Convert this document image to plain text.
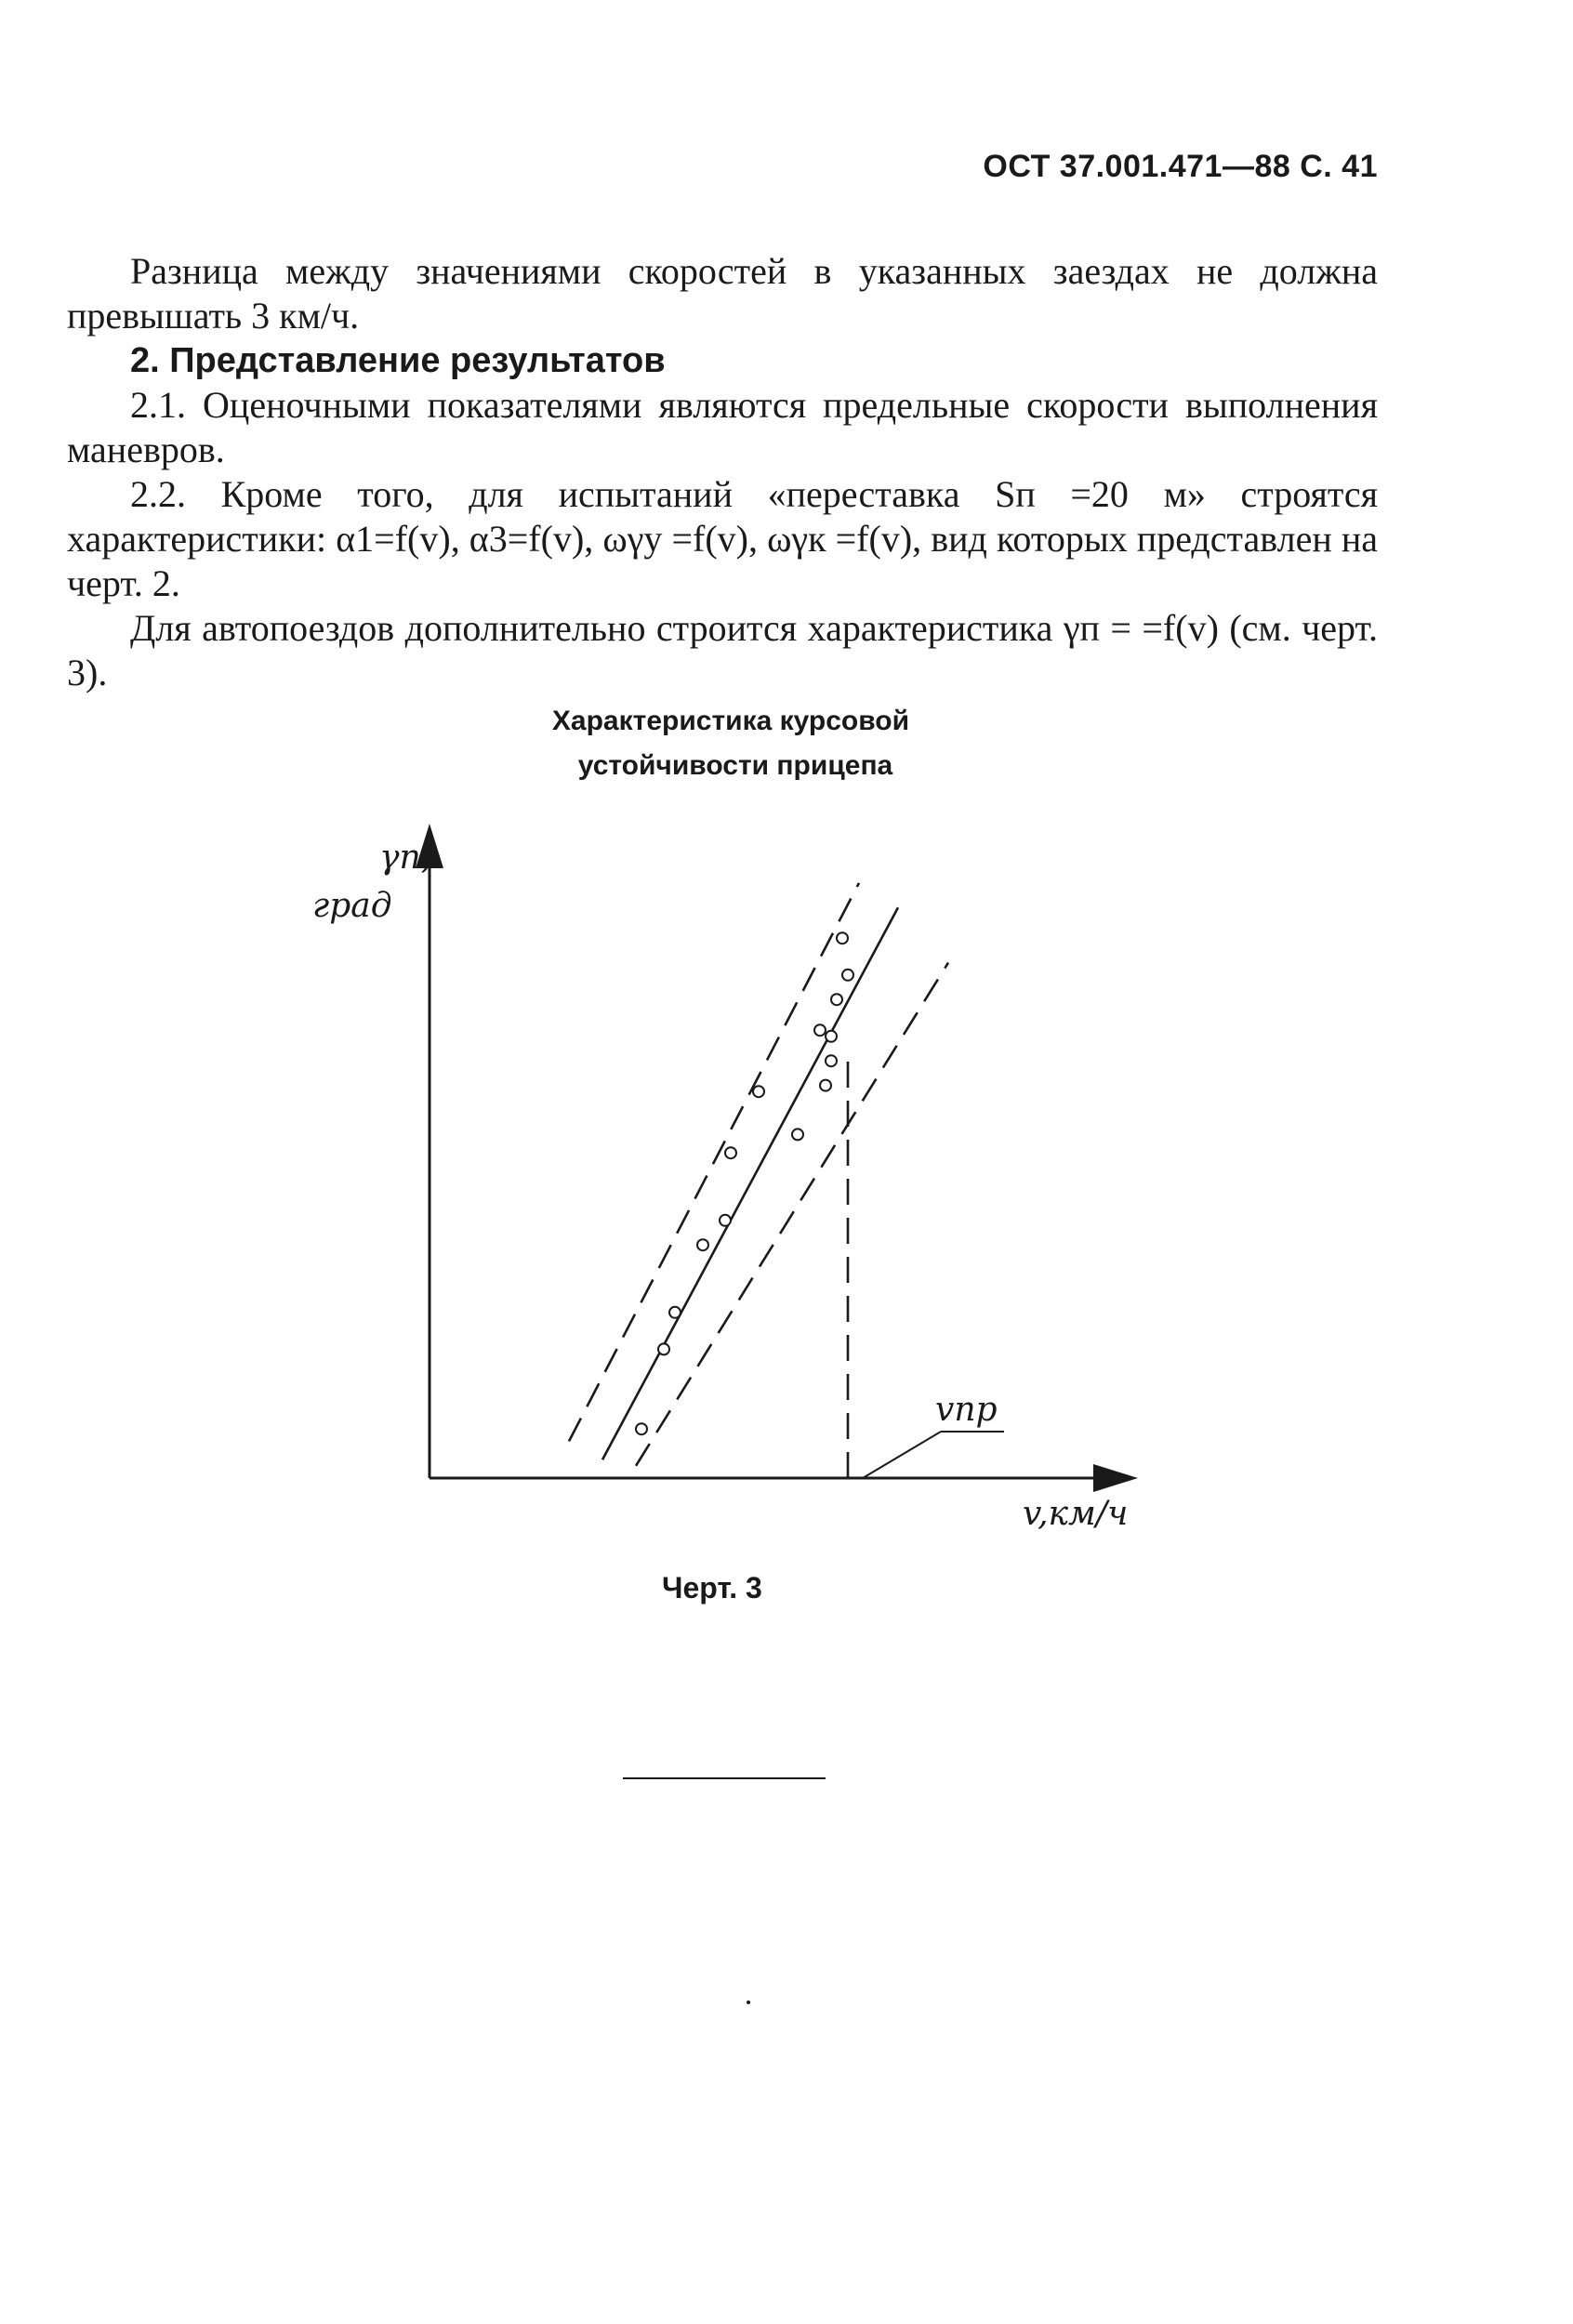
ОСТ 37.001.471—88 С. 41

Разница между значениями скоростей в указанных заездах не должна превышать 3 км/ч.

2. Представление результатов

2.1. Оценочными показателями являются предельные скорости выполнения маневров.

2.2. Кроме того, для испытаний «переставка Sп =20 м» строятся характеристики: α1=f(v), α3=f(v), ωγу =f(v), ωγк =f(v), вид которых представлен на черт. 2.

Для автопоездов дополнительно строится характеристика γп = =f(v) (см. черт. 3).

Характеристика курсовой
устойчивости прицепа
γп,
град
v,км/ч
vпр
Черт. 3
